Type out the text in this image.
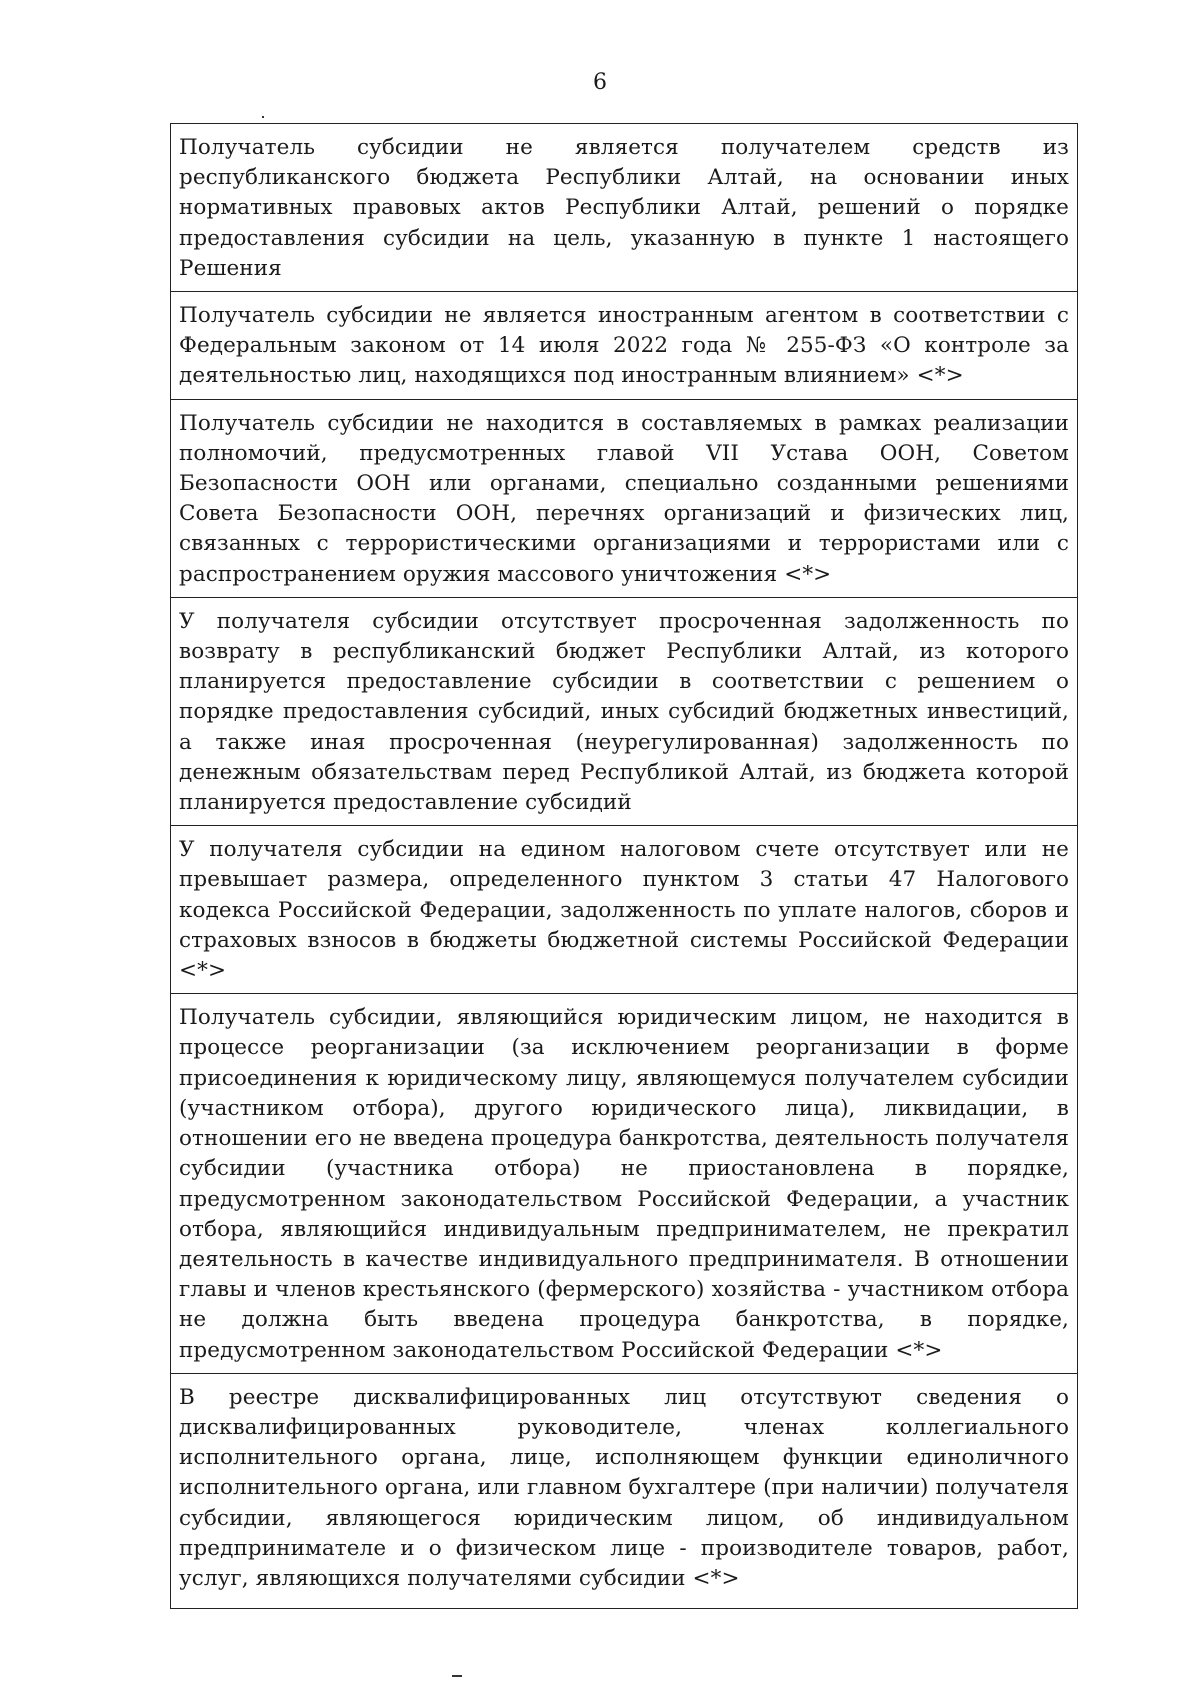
6
Получатель субсидии не является получателем средств из республиканского бюджета Республики Алтай, на основании иных нормативных правовых актов Республики Алтай, решений о порядке предоставления субсидии на цель, указанную в пункте 1 настоящего Решения
Получатель субсидии не является иностранным агентом в соответствии с Федеральным законом от 14 июля 2022 года № 255-ФЗ «О контроле за деятельностью лиц, находящихся под иностранным влиянием» <*>
Получатель субсидии не находится в составляемых в рамках реализации полномочий, предусмотренных главой VII Устава ООН, Советом Безопасности ООН или органами, специально созданными решениями Совета Безопасности ООН, перечнях организаций и физических лиц, связанных с террористическими организациями и террористами или с распространением оружия массового уничтожения <*>
У получателя субсидии отсутствует просроченная задолженность по возврату в республиканский бюджет Республики Алтай, из которого планируется предоставление субсидии в соответствии с решением о порядке предоставления субсидий, иных субсидий бюджетных инвестиций, а также иная просроченная (неурегулированная) задолженность по денежным обязательствам перед Республикой Алтай, из бюджета которой планируется предоставление субсидий
У получателя субсидии на едином налоговом счете отсутствует или не превышает размера, определенного пунктом 3 статьи 47 Налогового кодекса Российской Федерации, задолженность по уплате налогов, сборов и страховых взносов в бюджеты бюджетной системы Российской Федерации <*>
Получатель субсидии, являющийся юридическим лицом, не находится в процессе реорганизации (за исключением реорганизации в форме присоединения к юридическому лицу, являющемуся получателем субсидии (участником отбора), другого юридического лица), ликвидации, в отношении его не введена процедура банкротства, деятельность получателя субсидии (участника отбора) не приостановлена в порядке, предусмотренном законодательством Российской Федерации, а участник отбора, являющийся индивидуальным предпринимателем, не прекратил деятельность в качестве индивидуального предпринимателя. В отношении главы и членов крестьянского (фермерского) хозяйства - участником отбора не должна быть введена процедура банкротства, в порядке, предусмотренном законодательством Российской Федерации <*>
В реестре дисквалифицированных лиц отсутствуют сведения о дисквалифицированных руководителе, членах коллегиального исполнительного органа, лице, исполняющем функции единоличного исполнительного органа, или главном бухгалтере (при наличии) получателя субсидии, являющегося юридическим лицом, об индивидуальном предпринимателе и о физическом лице - производителе товаров, работ, услуг, являющихся получателями субсидии <*>
